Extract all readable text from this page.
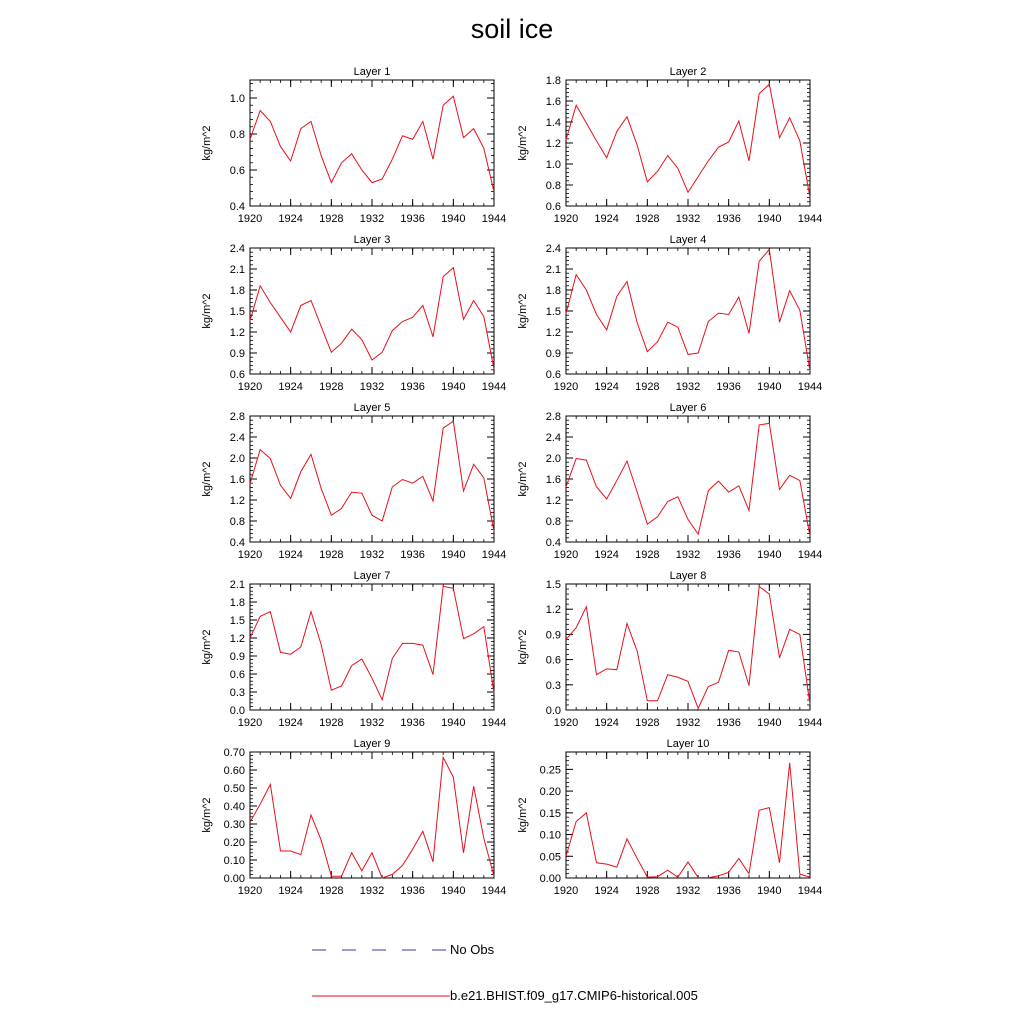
soil ice
Layer 1
kg/m^2
1920 1924 1928 1932 1936 1940 1944
0.4
0.6
0.8
1.0
Layer 2
kg/m^2
1920 1924 1928 1932 1936 1940 1944
0.6
0.8
1.0
1.2
1.4
1.6
1.8
Layer 3
kg/m^2
1920 1924 1928 1932 1936 1940 1944
0.6
0.9
1.2
1.5
1.8
2.1
2.4
Layer 4
kg/m^2
1920 1924 1928 1932 1936 1940 1944
0.6
0.9
1.2
1.5
1.8
2.1
2.4
Layer 5
kg/m^2
1920 1924 1928 1932 1936 1940 1944
0.4
0.8
1.2
1.6
2.0
2.4
2.8
Layer 6
kg/m^2
1920 1924 1928 1932 1936 1940 1944
0.4
0.8
1.2
1.6
2.0
2.4
2.8
Layer 7
kg/m^2
1920 1924 1928 1932 1936 1940 1944
0.0
0.3
0.6
0.9
1.2
1.5
1.8
2.1
Layer 8
kg/m^2
1920 1924 1928 1932 1936 1940 1944
0.0
0.3
0.6
0.9
1.2
1.5
Layer 9
kg/m^2
1920 1924 1928 1932 1936 1940 1944
0.00
0.10
0.20
0.30
0.40
0.50
0.60
0.70
Layer 10
kg/m^2
1920 1924 1928 1932 1936 1940 1944
0.00
0.05
0.10
0.15
0.20
0.25
No Obs
b.e21.BHIST.f09_g17.CMIP6-historical.005
